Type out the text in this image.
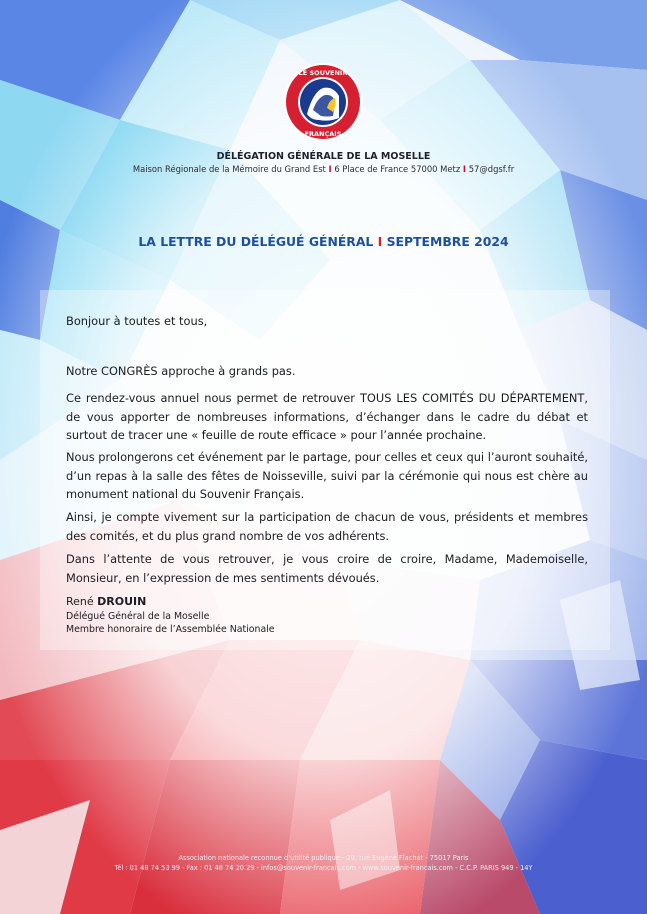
LE SOUVENIR
FRANÇAIS
DÉLÉGATION GÉNÉRALE DE LA MOSELLE
Maison Régionale de la Mémoire du Grand Est I 6 Place de France 57000 Metz I 57@dgsf.fr
LA LETTRE DU DÉLÉGUÉ GÉNÉRAL I SEPTEMBRE 2024
Bonjour à toutes et tous,
Notre CONGRÈS approche à grands pas.
Ce rendez-vous annuel nous permet de retrouver TOUS LES COMITÉS DU DÉPARTEMENT, de vous apporter de nombreuses informations, d’échanger dans le cadre du débat et surtout de tracer une « feuille de route efficace » pour l’année prochaine.
Nous prolongerons cet événement par le partage, pour celles et ceux qui l’auront souhaité, d’un repas à la salle des fêtes de Noisseville, suivi par la cérémonie qui nous est chère au monument national du Souvenir Français.
Ainsi, je compte vivement sur la participation de chacun de vous, présidents et membres des comités, et du plus grand nombre de vos adhérents.
Dans l’attente de vous retrouver, je vous croire de croire, Madame, Mademoiselle, Monsieur, en l’expression de mes sentiments dévoués.
René DROUIN
Délégué Général de la Moselle
Membre honoraire de l’Assemblée Nationale
Association nationale reconnue d’utilité publique - 20, rue Eugène Flachat - 75017 Paris
Tél : 01 48 74 53 99 - Fax : 01 48 74 20 29 - infos@souvenir-francais.com - www.souvenir-francais.com - C.C.P. PARIS 949 - 14Y
